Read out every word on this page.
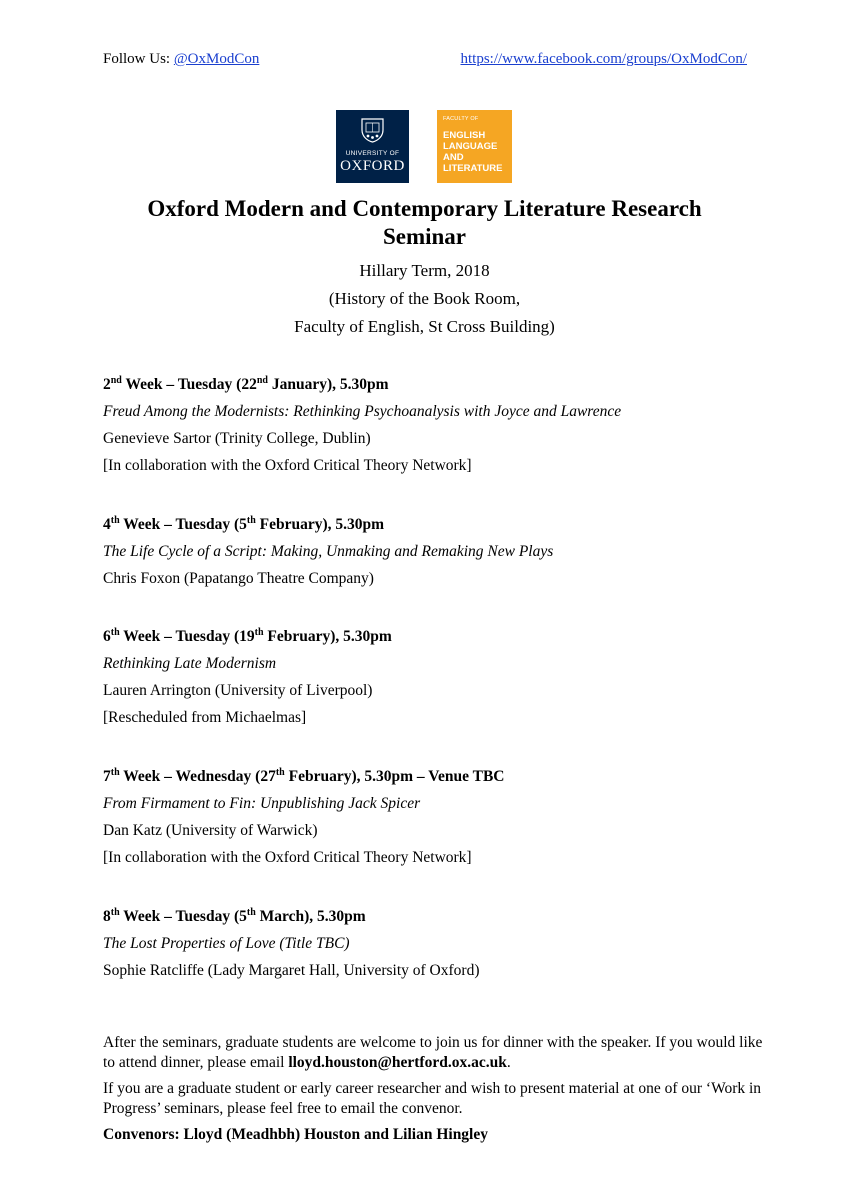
Follow Us: @OxModCon	https://www.facebook.com/groups/OxModCon/
UNIVERSITY OF
OXFORD
FACULTY OF
ENGLISH
LANGUAGE
AND
LITERATURE
Oxford Modern and Contemporary Literature Research
Seminar
Hillary Term, 2018
(History of the Book Room,
Faculty of English, St Cross Building)
2nd Week – Tuesday (22nd January), 5.30pm
Freud Among the Modernists: Rethinking Psychoanalysis with Joyce and Lawrence
Genevieve Sartor (Trinity College, Dublin)
[In collaboration with the Oxford Critical Theory Network]
4th Week – Tuesday (5th February), 5.30pm
The Life Cycle of a Script: Making, Unmaking and Remaking New Plays
Chris Foxon (Papatango Theatre Company)
6th Week – Tuesday (19th February), 5.30pm
Rethinking Late Modernism
Lauren Arrington (University of Liverpool)
[Rescheduled from Michaelmas]
7th Week – Wednesday (27th February), 5.30pm – Venue TBC
From Firmament to Fin: Unpublishing Jack Spicer
Dan Katz (University of Warwick)
[In collaboration with the Oxford Critical Theory Network]
8th Week – Tuesday (5th March), 5.30pm
The Lost Properties of Love (Title TBC)
Sophie Ratcliffe (Lady Margaret Hall, University of Oxford)
After the seminars, graduate students are welcome to join us for dinner with the speaker. If you would like to attend dinner, please email lloyd.houston@hertford.ox.ac.uk.
If you are a graduate student or early career researcher and wish to present material at one of our ‘Work in Progress’ seminars, please feel free to email the convenor.
Convenors: Lloyd (Meadhbh) Houston and Lilian Hingley
